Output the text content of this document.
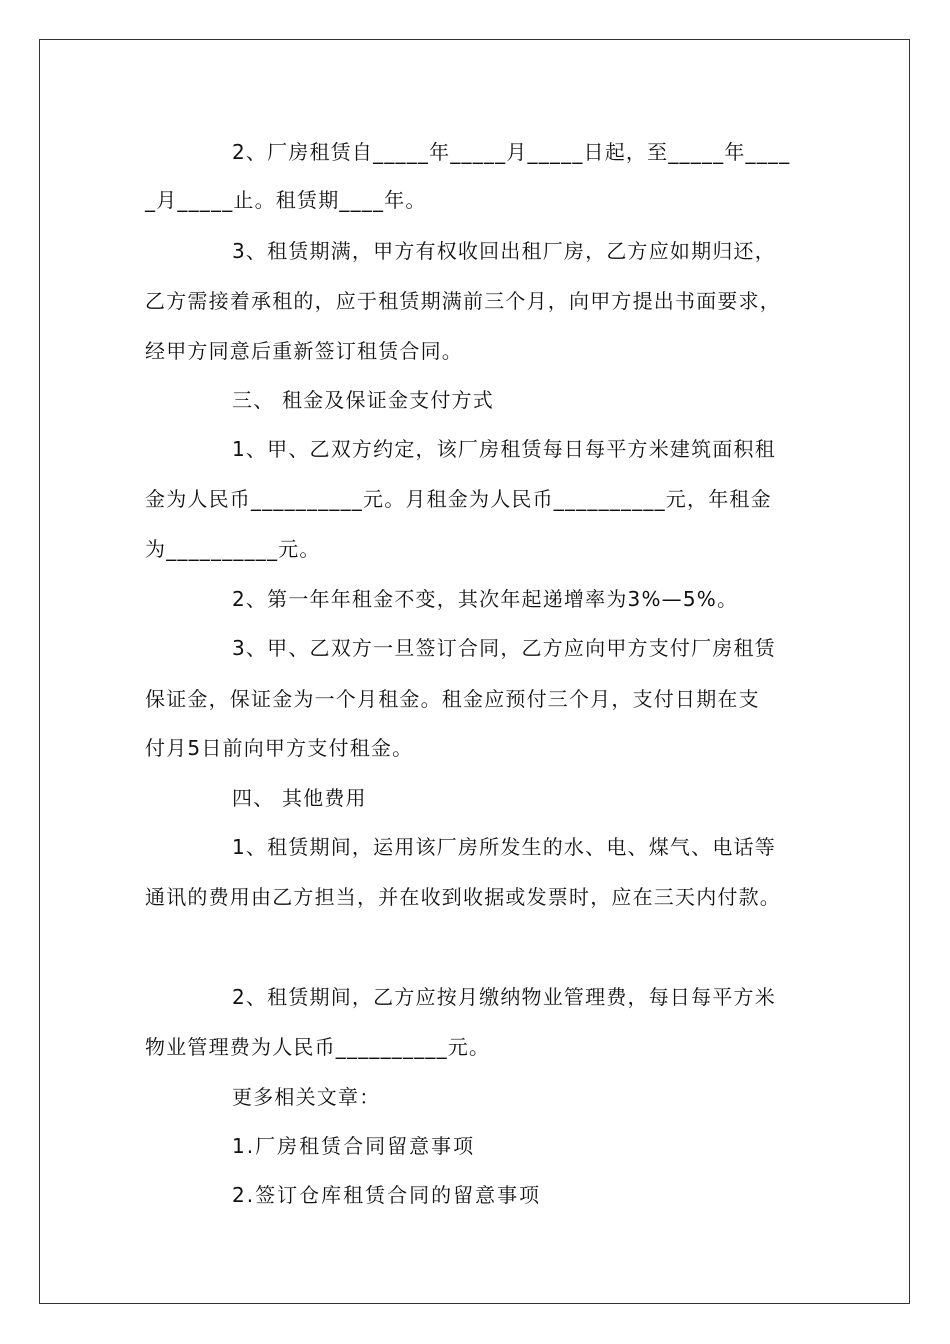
2、厂房租赁自_____年_____月_____日起，至_____年____
_月_____止。租赁期____年。
3、租赁期满，甲方有权收回出租厂房，乙方应如期归还，
乙方需接着承租的，应于租赁期满前三个月，向甲方提出书面要求，
经甲方同意后重新签订租赁合同。
三、 租金及保证金支付方式
1、甲、乙双方约定，该厂房租赁每日每平方米建筑面积租
金为人民币__________元。月租金为人民币__________元，年租金
为__________元。
2、第一年年租金不变，其次年起递增率为3%—5%。
3、甲、乙双方一旦签订合同，乙方应向甲方支付厂房租赁
保证金，保证金为一个月租金。租金应预付三个月，支付日期在支
付月5日前向甲方支付租金。
四、 其他费用
1、租赁期间，运用该厂房所发生的水、电、煤气、电话等
通讯的费用由乙方担当，并在收到收据或发票时，应在三天内付款。
2、租赁期间，乙方应按月缴纳物业管理费，每日每平方米
物业管理费为人民币__________元。
更多相关文章：
1.厂房租赁合同留意事项
2.签订仓库租赁合同的留意事项
